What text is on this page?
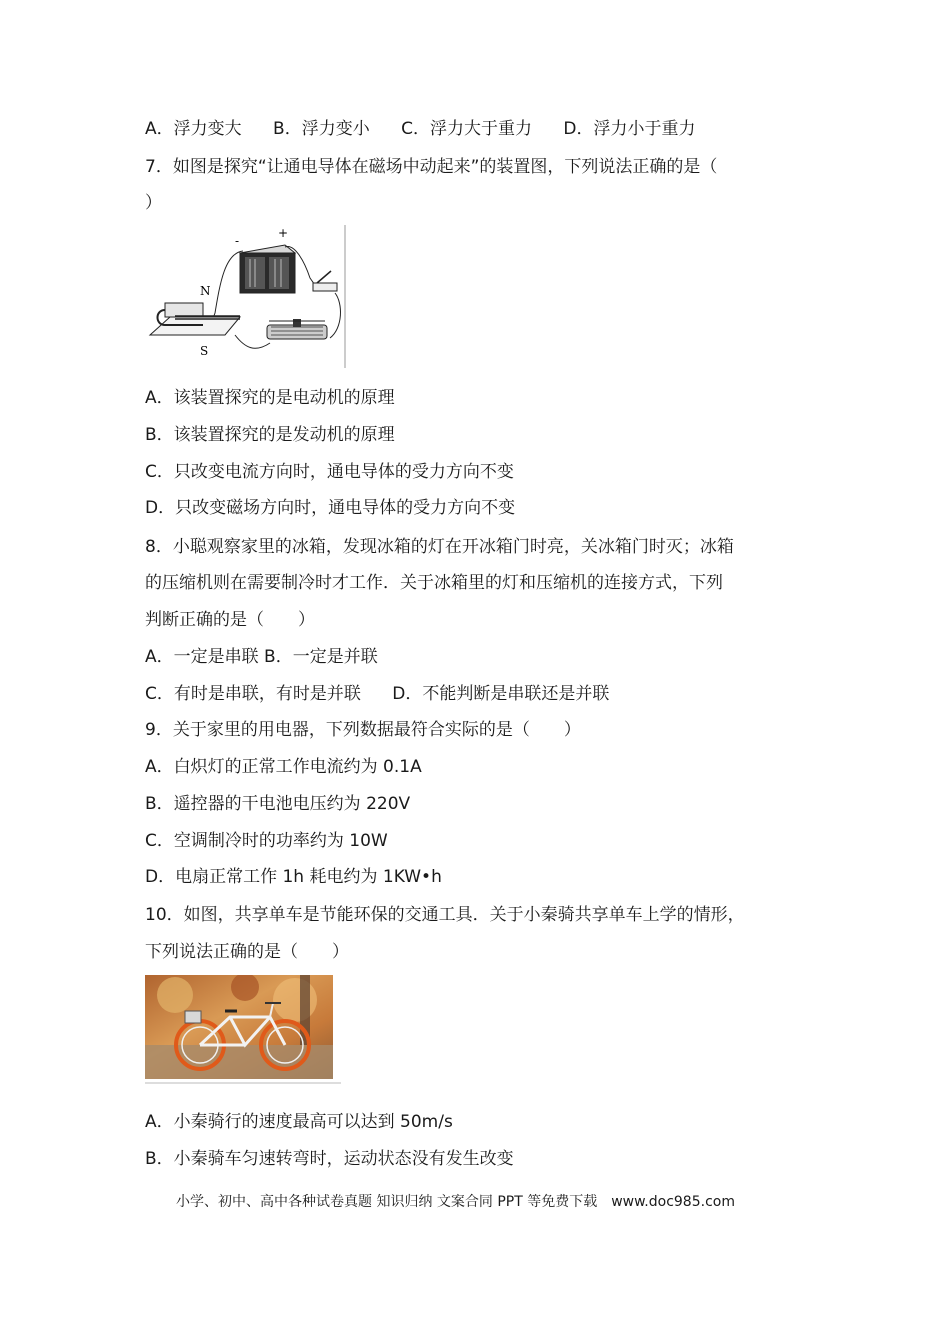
A．浮力变大 B．浮力变小 C．浮力大于重力 D．浮力小于重力
7．如图是探究“让通电导体在磁场中动起来”的装置图，下列说法正确的是（
）
-
+
N
S
A．该装置探究的是电动机的原理
B．该装置探究的是发动机的原理
C．只改变电流方向时，通电导体的受力方向不变
D．只改变磁场方向时，通电导体的受力方向不变
8．小聪观察家里的冰箱，发现冰箱的灯在开冰箱门时亮，关冰箱门时灭；冰箱
的压缩机则在需要制冷时才工作．关于冰箱里的灯和压缩机的连接方式，下列
判断正确的是（　　）
A．一定是串联 B．一定是并联
C．有时是串联，有时是并联 D．不能判断是串联还是并联
9．关于家里的用电器，下列数据最符合实际的是（　　）
A．白炽灯的正常工作电流约为 0.1A
B．遥控器的干电池电压约为 220V
C．空调制冷时的功率约为 10W
D．电扇正常工作 1h 耗电约为 1KW•h
10．如图，共享单车是节能环保的交通工具．关于小秦骑共享单车上学的情形，
下列说法正确的是（　　）
A．小秦骑行的速度最高可以达到 50m/s
B．小秦骑车匀速转弯时，运动状态没有发生改变
小学、初中、高中各种试卷真题 知识归纳 文案合同 PPT 等免费下载　www.doc985.com
